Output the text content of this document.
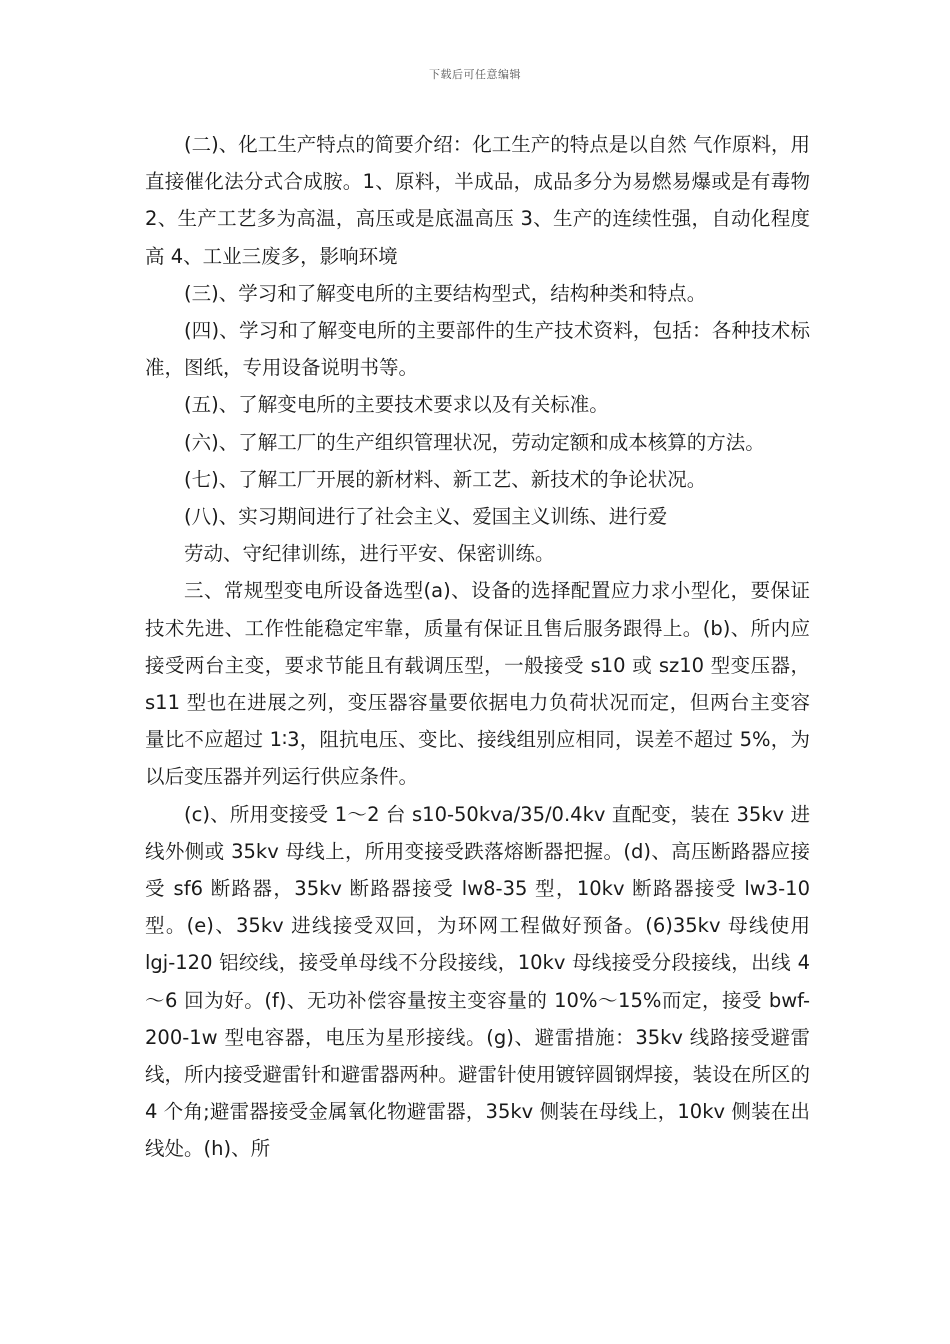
下载后可任意编辑

(二)、化工生产特点的简要介绍：化工生产的特点是以自然 气作原料，用直接催化法分式合成胺。1、原料，半成品，成品多分为易燃易爆或是有毒物 2、生产工艺多为高温，高压或是底温高压 3、生产的连续性强，自动化程度高 4、工业三废多，影响环境

(三)、学习和了解变电所的主要结构型式，结构种类和特点。

(四)、学习和了解变电所的主要部件的生产技术资料，包括：各种技术标准，图纸，专用设备说明书等。

(五)、了解变电所的主要技术要求以及有关标准。

(六)、了解工厂的生产组织管理状况，劳动定额和成本核算的方法。

(七)、了解工厂开展的新材料、新工艺、新技术的争论状况。

(八)、实习期间进行了社会主义、爱国主义训练、进行爱

劳动、守纪律训练，进行平安、保密训练。

三、常规型变电所设备选型(a)、设备的选择配置应力求小型化，要保证技术先进、工作性能稳定牢靠，质量有保证且售后服务跟得上。(b)、所内应接受两台主变，要求节能且有载调压型，一般接受 s10 或 sz10 型变压器，s11 型也在进展之列，变压器容量要依据电力负荷状况而定，但两台主变容量比不应超过 1∶3，阻抗电压、变比、接线组别应相同，误差不超过 5%，为以后变压器并列运行供应条件。

(c)、所用变接受 1～2 台 s10-50kva/35/0.4kv 直配变，装在 35kv 进线外侧或 35kv 母线上，所用变接受跌落熔断器把握。(d)、高压断路器应接受 sf6 断路器，35kv 断路器接受 lw8-35 型，10kv 断路器接受 lw3-10 型。(e)、35kv 进线接受双回，为环网工程做好预备。(6)35kv 母线使用 lgj-120 铝绞线，接受单母线不分段接线，10kv 母线接受分段接线，出线 4～6 回为好。(f)、无功补偿容量按主变容量的 10%～15%而定，接受 bwf-200-1w 型电容器，电压为星形接线。(g)、避雷措施：35kv 线路接受避雷线，所内接受避雷针和避雷器两种。避雷针使用镀锌圆钢焊接，装设在所区的 4 个角;避雷器接受金属氧化物避雷器，35kv 侧装在母线上，10kv 侧装在出线处。(h)、所
